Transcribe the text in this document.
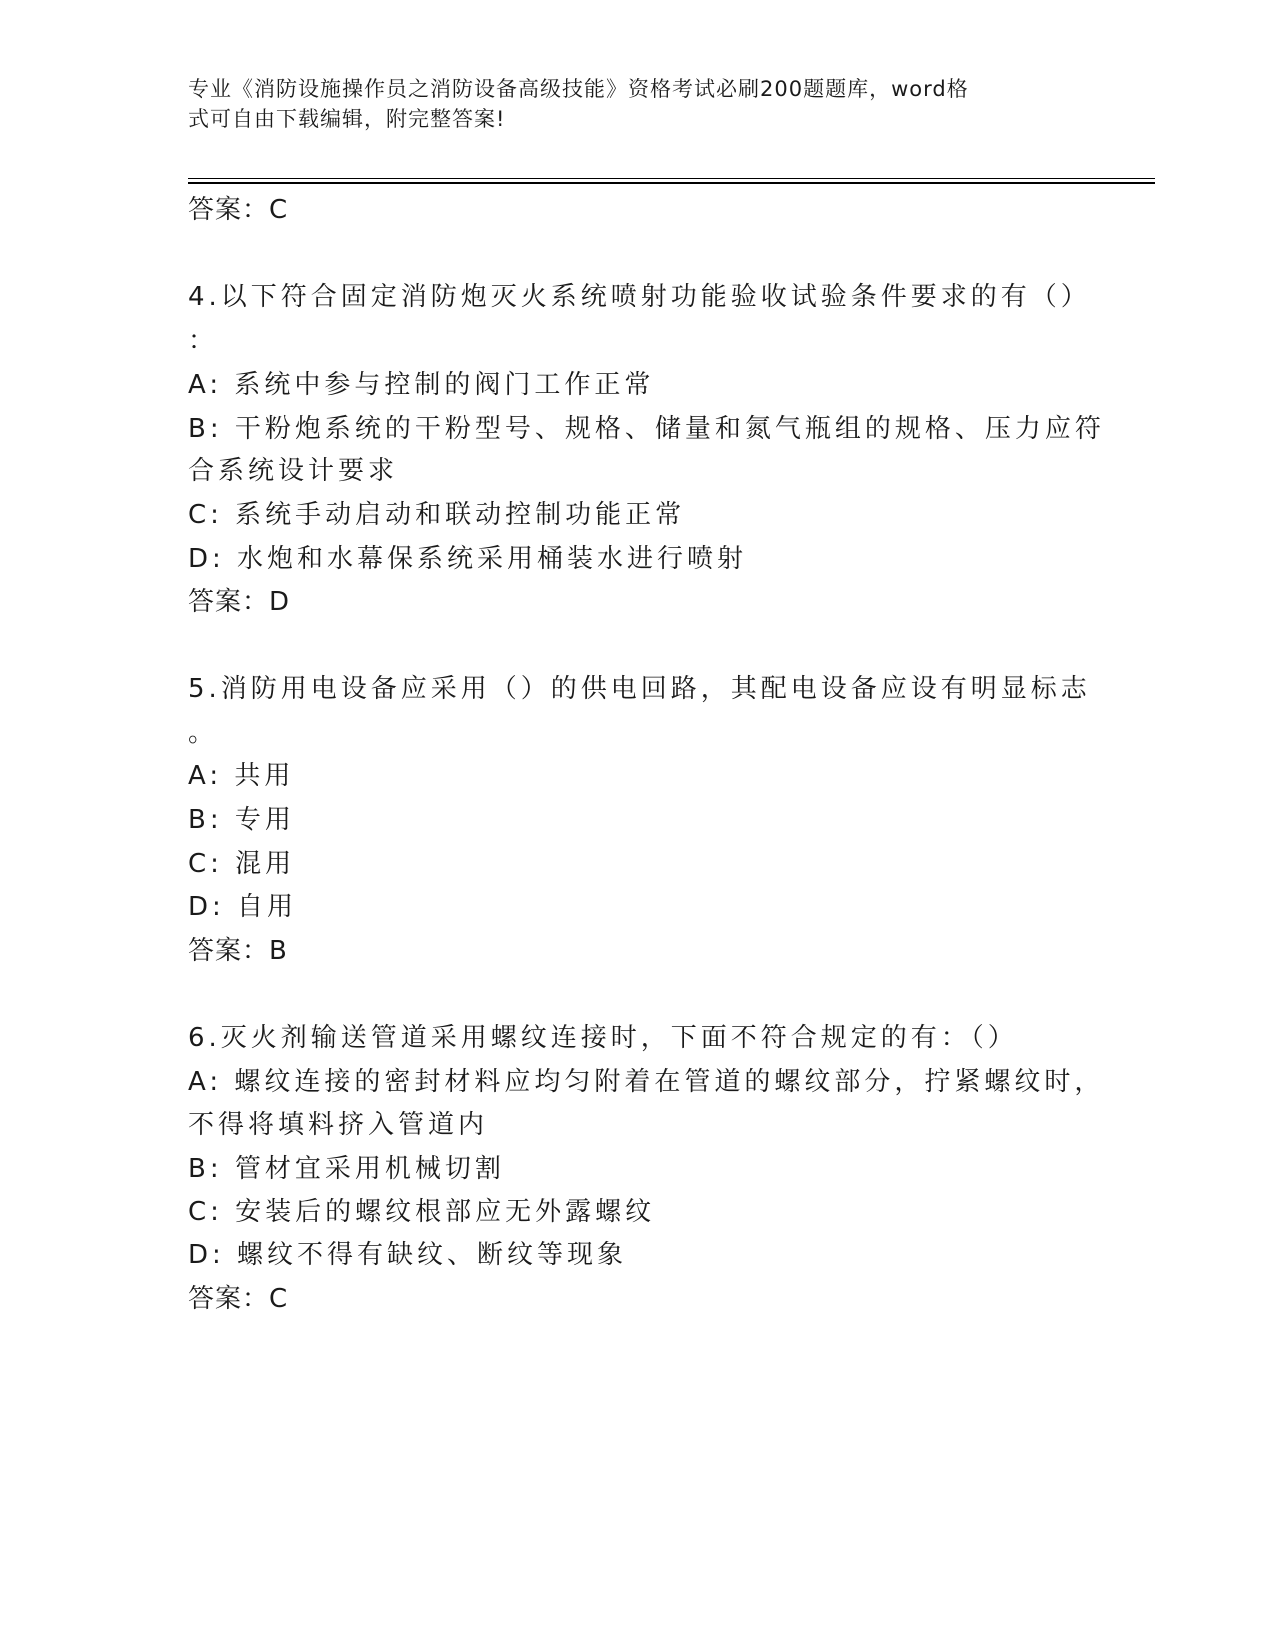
专业《消防设施操作员之消防设备高级技能》资格考试必刷200题题库，word格
式可自由下载编辑，附完整答案!
答案：C
4.以下符合固定消防炮灭火系统喷射功能验收试验条件要求的有（）
：
A: 系统中参与控制的阀门工作正常
B: 干粉炮系统的干粉型号、规格、储量和氮气瓶组的规格、压力应符
合系统设计要求
C: 系统手动启动和联动控制功能正常
D: 水炮和水幕保系统采用桶装水进行喷射
答案：D
5.消防用电设备应采用（）的供电回路，其配电设备应设有明显标志
。
A: 共用
B: 专用
C: 混用
D: 自用
答案：B
6.灭火剂输送管道采用螺纹连接时，下面不符合规定的有：（）
A: 螺纹连接的密封材料应均匀附着在管道的螺纹部分，拧紧螺纹时，
不得将填料挤入管道内
B: 管材宜采用机械切割
C: 安装后的螺纹根部应无外露螺纹
D: 螺纹不得有缺纹、断纹等现象
答案：C
